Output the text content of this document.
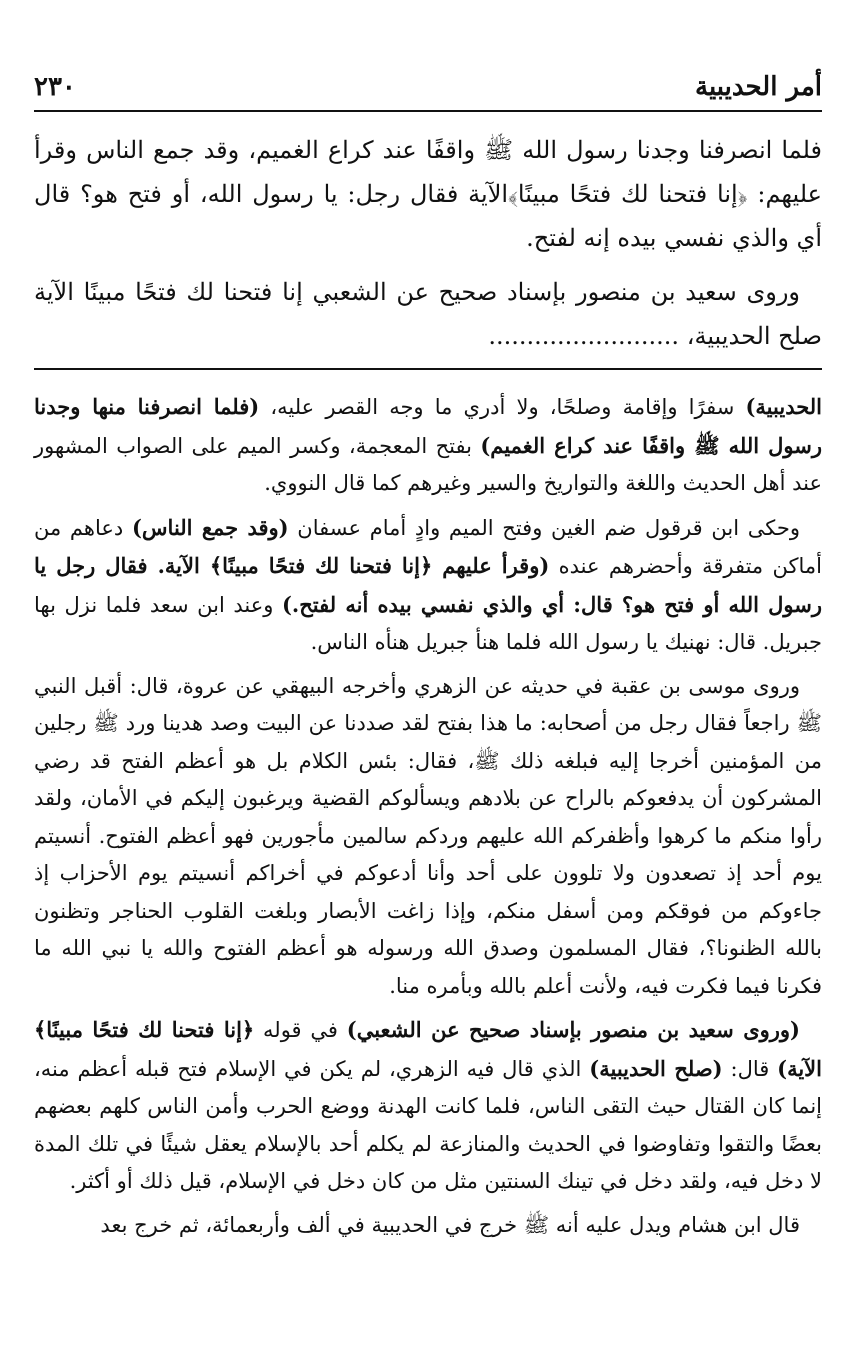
أمر الحديبية
٢٣٠

فلما انصرفنا وجدنا رسول الله ﷺ واقفًا عند كراع الغميم، وقد جمع الناس وقرأ عليهم: ﴿إنا فتحنا لك فتحًا مبينًا﴾الآية فقال رجل: يا رسول الله، أو فتح هو؟ قال أي والذي نفسي بيده إنه لفتح.

وروى سعيد بن منصور بإسناد صحيح عن الشعبي إنا فتحنا لك فتحًا مبينًا الآية صلح الحديبية، .........................

الحديبية) سفرًا وإقامة وصلحًا، ولا أدري ما وجه القصر عليه، (فلما انصرفنا منها وجدنا رسول الله ﷺ واقفًا عند كراع الغميم) بفتح المعجمة، وكسر الميم على الصواب المشهور عند أهل الحديث واللغة والتواريخ والسير وغيرهم كما قال النووي.

وحكى ابن قرقول ضم الغين وفتح الميم وادٍ أمام عسفان (وقد جمع الناس) دعاهم من أماكن متفرقة وأحضرهم عنده (وقرأ عليهم ﴿إنا فتحنا لك فتحًا مبينًا﴾ الآية. فقال رجل يا رسول الله أو فتح هو؟ قال: أي والذي نفسي بيده أنه لفتح.) وعند ابن سعد فلما نزل بها جبريل. قال: نهنيك يا رسول الله فلما هنأ جبريل هنأه الناس.

وروى موسى بن عقبة في حديثه عن الزهري وأخرجه البيهقي عن عروة، قال: أقبل النبي ﷺ راجعاً فقال رجل من أصحابه: ما هذا بفتح لقد صددنا عن البيت وصد هدينا ورد ﷺ رجلين من المؤمنين أخرجا إليه فبلغه ذلك ﷺ، فقال: بئس الكلام بل هو أعظم الفتح قد رضي المشركون أن يدفعوكم بالراح عن بلادهم ويسألوكم القضية ويرغبون إليكم في الأمان، ولقد رأوا منكم ما كرهوا وأظفركم الله عليهم وردكم سالمين مأجورين فهو أعظم الفتوح. أنسيتم يوم أحد إذ تصعدون ولا تلوون على أحد وأنا أدعوكم في أخراكم أنسيتم يوم الأحزاب إذ جاءوكم من فوقكم ومن أسفل منكم، وإذا زاغت الأبصار وبلغت القلوب الحناجر وتظنون بالله الظنونا؟، فقال المسلمون وصدق الله ورسوله هو أعظم الفتوح والله يا نبي الله ما فكرنا فيما فكرت فيه، ولأنت أعلم بالله وبأمره منا.

(وروى سعيد بن منصور بإسناد صحيح عن الشعبي) في قوله ﴿إنا فتحنا لك فتحًا مبينًا﴾ الآية) قال: (صلح الحديبية) الذي قال فيه الزهري، لم يكن في الإسلام فتح قبله أعظم منه، إنما كان القتال حيث التقى الناس، فلما كانت الهدنة ووضع الحرب وأمن الناس كلهم بعضهم بعضًا والتقوا وتفاوضوا في الحديث والمنازعة لم يكلم أحد بالإسلام يعقل شيئًا في تلك المدة لا دخل فيه، ولقد دخل في تينك السنتين مثل من كان دخل في الإسلام، قيل ذلك أو أكثر.

قال ابن هشام ويدل عليه أنه ﷺ خرج في الحديبية في ألف وأربعمائة، ثم خرج بعد
